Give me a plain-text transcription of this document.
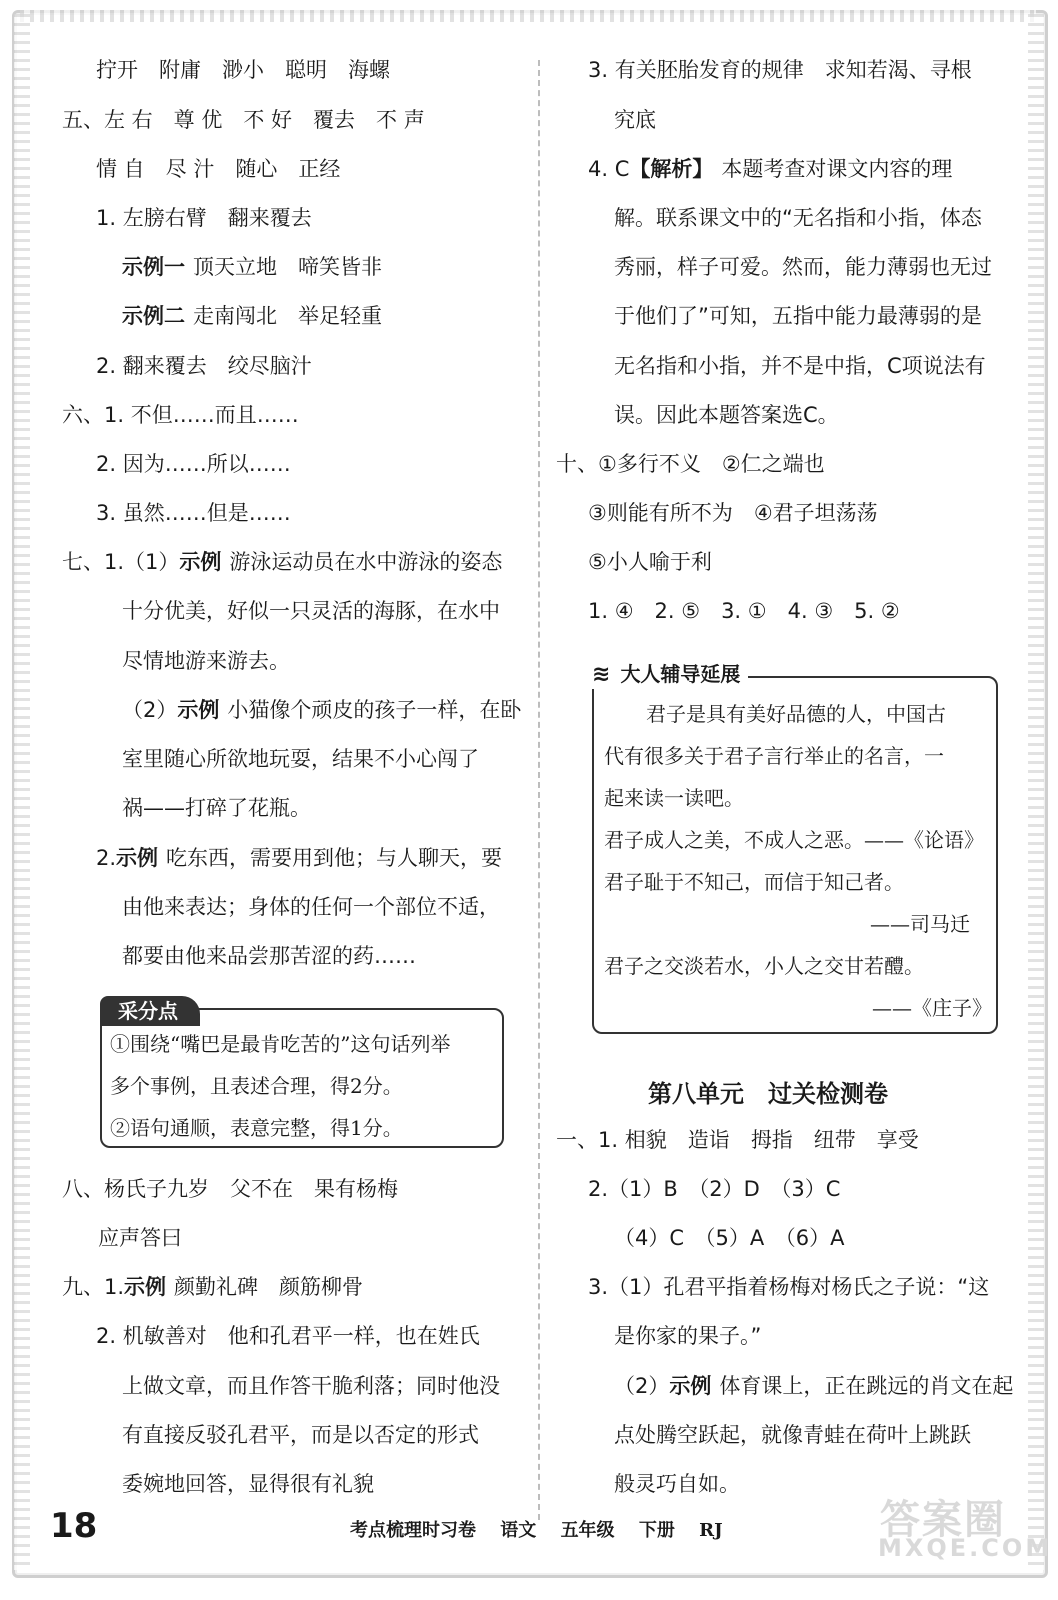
拧开　附庸　渺小　聪明　海螺
五、左 右　尊 优　不 好　覆去　不 声
情 自　尽 汁　随心　正经
1. 左膀右臂　翻来覆去
示例一 顶天立地　啼笑皆非
示例二 走南闯北　举足轻重
2. 翻来覆去　绞尽脑汁
六、1. 不但……而且……
2. 因为……所以……
3. 虽然……但是……
七、1.（1）示例 游泳运动员在水中游泳的姿态
十分优美，好似一只灵活的海豚，在水中
尽情地游来游去。
（2）示例 小猫像个顽皮的孩子一样，在卧
室里随心所欲地玩耍，结果不小心闯了
祸——打碎了花瓶。
2.示例 吃东西，需要用到他；与人聊天，要
由他来表达；身体的任何一个部位不适，
都要由他来品尝那苦涩的药……
八、杨氏子九岁　父不在　果有杨梅
应声答曰
九、1.示例 颜勤礼碑　颜筋柳骨
2. 机敏善对　他和孔君平一样，也在姓氏
上做文章，而且作答干脆利落；同时他没
有直接反驳孔君平，而是以否定的形式
委婉地回答，显得很有礼貌
采分点
①围绕“嘴巴是最肯吃苦的”这句话列举
多个事例，且表述合理，得2分。
②语句通顺，表意完整，得1分。
3. 有关胚胎发育的规律　求知若渴、寻根
究底
4. C【解析】 本题考查对课文内容的理
解。联系课文中的“无名指和小指，体态
秀丽，样子可爱。然而，能力薄弱也无过
于他们了”可知，五指中能力最薄弱的是
无名指和小指，并不是中指，C项说法有
误。因此本题答案选C。
十、①多行不义　②仁之端也
③则能有所不为　④君子坦荡荡
⑤小人喻于利
1. ④　2. ⑤　3. ①　4. ③　5. ②
一、1. 相貌　造诣　拇指　纽带　享受
2.（1）B　（2）D　（3）C
（4）C　（5）A　（6）A
3.（1）孔君平指着杨梅对杨氏之子说：“这
是你家的果子。”
（2）示例 体育课上，正在跳远的肖文在起
点处腾空跃起，就像青蛙在荷叶上跳跃
般灵巧自如。
≋ 大人辅导延展
君子是具有美好品德的人，中国古
代有很多关于君子言行举止的名言，一
起来读一读吧。
君子成人之美，不成人之恶。——《论语》
君子耻于不知己，而信于知己者。
——司马迁
君子之交淡若水，小人之交甘若醴。
——《庄子》
第八单元　过关检测卷
18	考点梳理时习卷 语文 五年级 下册 RJ	答案圈
MXQE.COM
